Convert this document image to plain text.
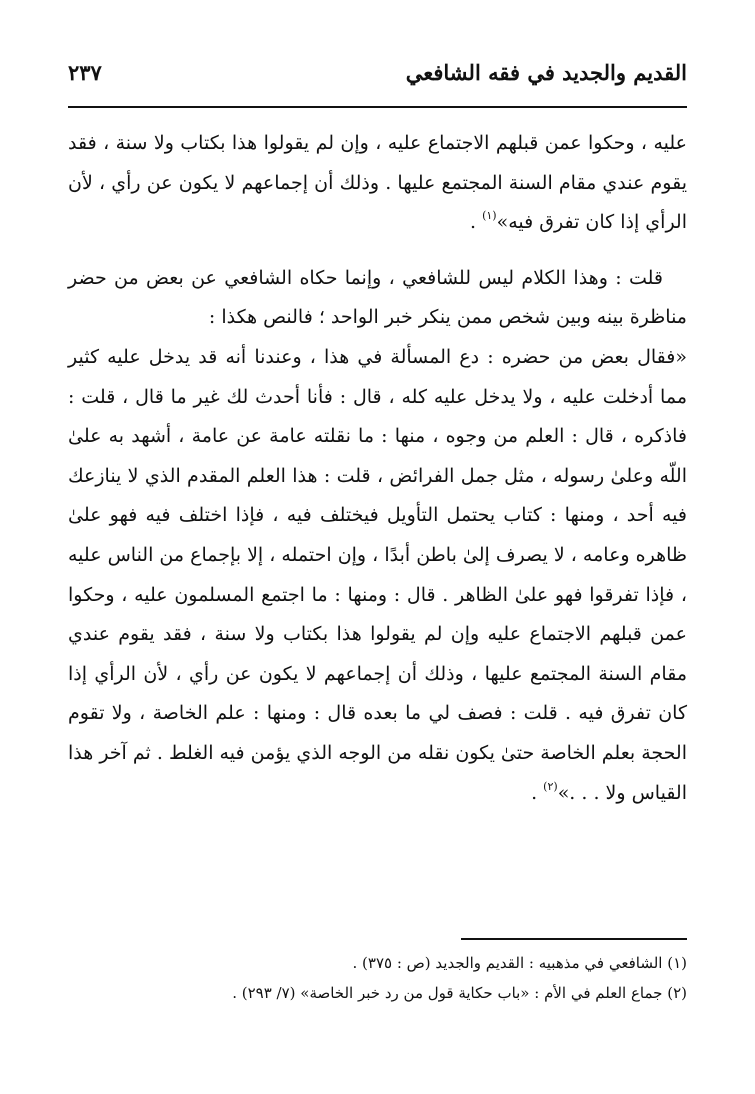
القديم والجديد في فقه الشافعي
٢٣٧

عليه ، وحكوا عمن قبلهم الاجتماع عليه ، وإن لم يقولوا هذا بكتاب ولا سنة ، فقد يقوم عندي مقام السنة المجتمع عليها . وذلك أن إجماعهم لا يكون عن رأي ، لأن الرأي إذا كان تفرق فيه»$^{(١)}$ .

قلت : وهذا الكلام ليس للشافعي ، وإنما حكاه الشافعي عن بعض من حضر مناظرة بينه وبين شخص ممن ينكر خبر الواحد ؛ فالنص هكذا :

«فقال بعض من حضره : دع المسألة في هذا ، وعندنا أنه قد يدخل عليه كثير مما أدخلت عليه ، ولا يدخل عليه كله ، قال : فأنا أحدث لك غير ما قال ، قلت : فاذكره ، قال : العلم من وجوه ، منها : ما نقلته عامة عن عامة ، أشهد به علىٰ اللّه وعلىٰ رسوله ، مثل جمل الفرائض ، قلت : هذا العلم المقدم الذي لا ينازعك فيه أحد ، ومنها : كتاب يحتمل التأويل فيختلف فيه ، فإذا اختلف فيه فهو علىٰ ظاهره وعامه ، لا يصرف إلىٰ باطن أبدًا ، وإن احتمله ، إلا بإجماع من الناس عليه ، فإذا تفرقوا فهو علىٰ الظاهر . قال : ومنها : ما اجتمع المسلمون عليه ، وحكوا عمن قبلهم الاجتماع عليه وإن لم يقولوا هذا بكتاب ولا سنة ، فقد يقوم عندي مقام السنة المجتمع عليها ، وذلك أن إجماعهم لا يكون عن رأي ، لأن الرأي إذا كان تفرق فيه . قلت : فصف لي ما بعده قال : ومنها : علم الخاصة ، ولا تقوم الحجة بعلم الخاصة حتىٰ يكون نقله من الوجه الذي يؤمن فيه الغلط . ثم آخر هذا القياس ولا . . .»$^{(٢)}$ .

(١) الشافعي في مذهبيه : القديم والجديد (ص : ٣٧٥) .

(٢) جماع العلم في الأم : «باب حكاية قول من رد خبر الخاصة» (٧/ ٢٩٣) .
